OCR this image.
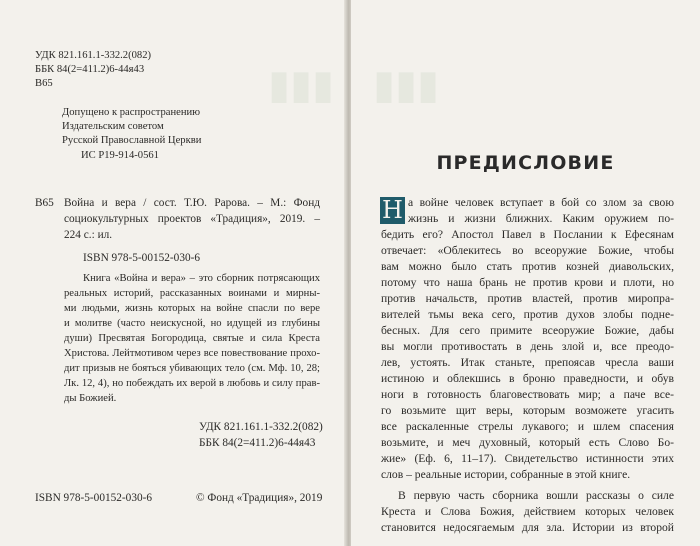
▮▮▮
УДК 821.161.1-332.2(082)
ББК 84(2=411.2)6-44я43
В65
Допущено к распространению
Издательским советом
Русской Православной Церкви
ИС Р19-914-0561
В65 Война и вера / сост. Т.Ю. Рарова. – М.: Фонд
социокультурных проектов «Традиция», 2019. –
224 с.: ил.
ISBN 978-5-00152-030-6
Книга «Война и вера» – это сборник потрясающих
реальных историй, рассказанных воинами и мирны-
ми людьми, жизнь которых на войне спасли по вере
и молитве (часто неискусной, но идущей из глубины
души) Пресвятая Богородица, святые и сила Креста
Христова. Лейтмотивом через все повествование прохо-
дит призыв не бояться убивающих тело (см. Мф. 10, 28;
Лк. 12, 4), но побеждать их верой в любовь и силу прав-
ды Божией.
УДК 821.161.1-332.2(082)
ББК 84(2=411.2)6-44я43
ISBN 978-5-00152-030-6	© Фонд «Традиция», 2019
▮▮▮
ПРЕДИСЛОВИЕ
Н а войне человек вступает в бой со злом за свою
жизнь и жизни ближних. Каким оружием по-
бедить его? Апостол Павел в Послании к Ефесянам
отвечает: «Облекитесь во всеоружие Божие, чтобы
вам можно было стать против козней диавольских,
потому что наша брань не против крови и плоти, но
против начальств, против властей, против миропра-
вителей тьмы века сего, против духов злобы подне-
бесных. Для сего примите всеоружие Божие, дабы
вы могли противостать в день злой и, все преодо-
лев, устоять. Итак станьте, препоясав чресла ваши
истиною и облекшись в броню праведности, и обув
ноги в готовность благовествовать мир; а паче все-
го возьмите щит веры, которым возможете угасить
все раскаленные стрелы лукавого; и шлем спасения
возьмите, и меч духовный, который есть Слово Бо-
жие» (Еф. 6, 11–17). Свидетельство истинности этих
слов – реальные истории, собранные в этой книге.
В первую часть сборника вошли рассказы о силе
Креста и Слова Божия, действием которых человек
становится недосягаемым для зла. Истории из второй
